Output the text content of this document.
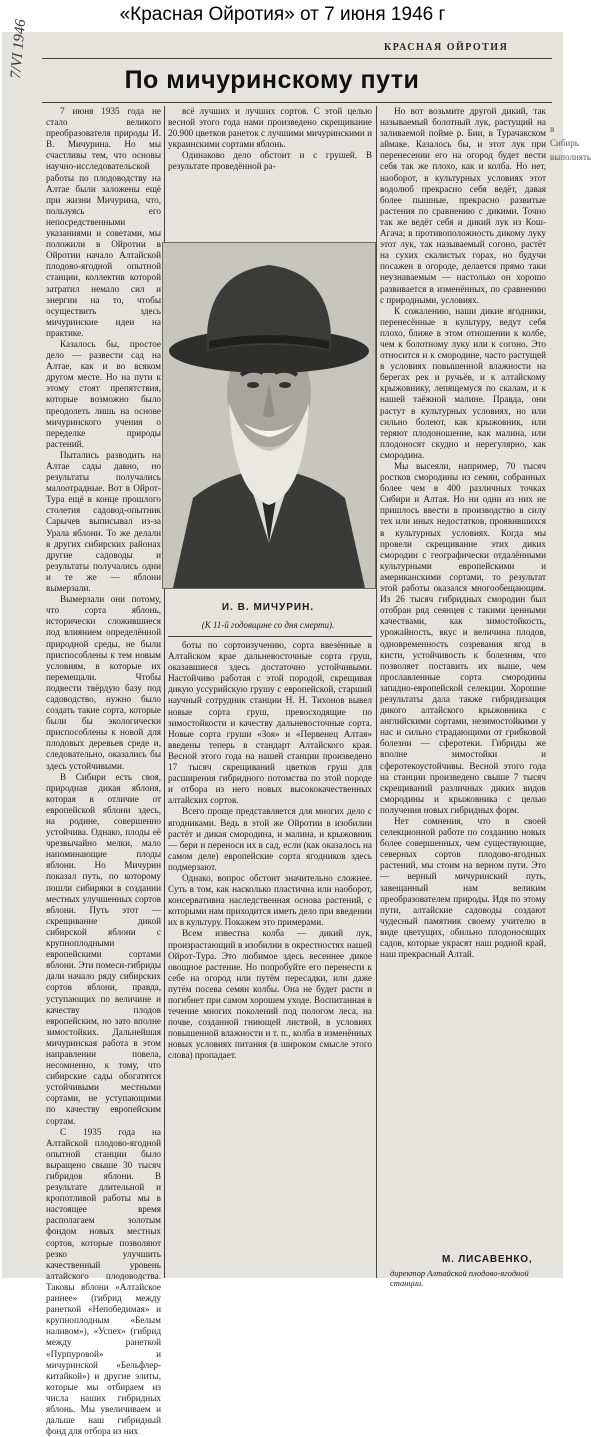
«Красная Ойротия» от 7 июня 1946 г
7/VI 1946	КРАСНАЯ ОЙРОТИЯ
По мичуринскому пути

7 июня 1935 года не стало великого преобразователя природы И. В. Мичурина. Но мы счастливы тем, что основы научно-исследовательской работы по плодоводству на Алтае были заложены ещё при жизни Мичурина, что, пользуясь его непосредственными указаниями и советами, мы положили в Ойротии в Ойротии начало Алтайской плодово-ягодной опытной станции, коллектив которой затратил немало сил и энергии на то, чтобы осуществить здесь мичуринские идеи на практике.

Казалось бы, простое дело — развести сад на Алтае, как и во всяком другом месте. Но на пути к этому стоят препятствия, которые возможно было преодолеть лишь на основе мичуринского учения о переделке природы растений.

Пытались разводить на Алтае сады давно, но результаты получались малоотрадные. Вот в Ойрот-Тура ещё в конце прошлого столетия садовод-опытник Сарычев выписывал из-за Урала яблони. То же делали в других сибирских районах другие садоводы и результаты получались одни и те же — яблони вымерзали.

Вымерзали они потому, что сорта яблонь, исторически сложившиеся под влиянием определённой природной среды, не были приспособлены к тем новым условиям, в которые их перемещали. Чтобы подвести твёрдую базу под садоводство, нужно было создать такие сорта, которые были бы экологически приспособлены к новой для плодовых деревьев среде и, следовательно, оказались бы здесь устойчивыми.

В Сибири есть своя, природная дикая яблоня, которая в отличие от европейской яблони здесь, на родине, совершенно устойчива. Однако, плоды её чрезвычайно мелки, мало напоминающие плоды яблони. Но Мичурин показал путь, по которому пошли сибиряки в создании местных улучшенных сортов яблони. Путь этот — скрещивание дикой сибирской яблони с крупноплодными европейскими сортами яблони. Эти помеси-гибриды дали начало ряду сибирских сортов яблони, правда, уступающих по величине и качеству плодов европейским, но зато вполне зимостойких. Дальнейшая мичуринская работа в этом направлении повела, несомненно, к тому, что сибирские сады обогатятся устойчивыми местными сортами, не уступающими по качеству европейским сортам.

С 1935 года на Алтайской плодово-ягодной опытной станции было выращено свыше 30 тысяч гибридов яблони. В результате длительной и кропотливой работы мы в настоящее время располагаем золотым фондом новых местных сортов, которые позволяют резко улучшить качественный уровень алтайского плодоводства. Таковы яблони «Алтайское раннее» (гибрид между ранеткой «Непобедимая» и крупноплодным «Белым наливом»), «Успех» (гибрид между ранеткой «Пурпуровой» и мичуринской «Бельфлер-китайкой») и другие элиты, которые мы отбираем из числа наших гибридных яблонь. Мы увеличиваем и дальше наш гибридный фонд для отбора из них

всё лучших и лучших сортов. С этой целью весной этого года нами произведено скрещивание 20.900 цветков ранеток с лучшими мичуринскими и украинскими сортами яблонь.

Одинаково дело обстоит и с грушей. В результате проведённой ра-

И. В. МИЧУРИН.
(К 11-й годовщине со дня смерти).

боты по сортоизучению, сорта ввезённые в Алтайском крае дальневосточные сорта груш, оказавшиеся здесь достаточно устойчивыми. Настойчиво работая с этой породой, скрещивая дикую уссурийскую грушу с европейской, старший научный сотрудник станции Н. Н. Тихонов вывел новые сорта груш, превосходящие по зимостойкости и качеству дальневосточные сорта. Новые сорта груши «Зоя» и «Первенец Алтая» введены теперь в стандарт Алтайского края. Весной этого года на нашей станции произведено 17 тысяч скрещиваний цветков груш для расширения гибридного потомства по этой породе и отбора из него новых высококачественных алтайских сортов.

Всего проще представляется для многих дело с ягодниками. Ведь в этой же Ойротии в изобилии растёт и дикая смородина, и малина, и крыжовник — бери и переноси их в сад, если (как оказалось на самом деле) европейские сорта ягодников здесь подмерзают.

Однако, вопрос обстоит значительно сложнее. Суть в том, как насколько пластична или наоборот, консервативна наследственная основа растений, с которыми нам приходится иметь дело при введении их в культуру. Покажем это примерами.

Всем известна колба — дикий лук, произрастающий в изобилии в окрестностях нашей Ойрот-Тура. Это любимое здесь весеннее дикое овощное растение. Но попробуйте его перенести к себе на огород или путём пересадки, или даже путём посева семян колбы. Она не будет расти и погибнет при самом хорошем уходе. Воспитанная в течение многих поколений под пологом леса, на почве, созданной гниющей листвой, в условиях повышенной влажности и т. п., колба в изменённых новых условиях питания (в широком смысле этого слова) пропадает.

Но вот возьмите другой дикий, так называемый болотный лук, растущий на заливаемой пойме р. Бии, в Турачакском аймаке. Казалось бы, и этот лук при перенесении его на огород будет вести себя так же плохо, как и колба. Но нет, наоборот, в культурных условиях этот водолюб прекрасно себя ведёт, давая более пышные, прекрасно развитые растения по сравнению с дикими. Точно так же ведёт себя и дикий лук из Кош-Агача; в противоположность дикому луку этот лук, так называемый согоно, растёт на сухих скалистых горах, но будучи посажен в огороде, делается прямо таки неузнаваемым — настолько он хорошо развивается в изменённых, по сравнению с природными, условиях.

К сожалению, наши дикие ягодники, перенесённые в культуру, ведут себя плохо, ближе в этом отношении к колбе, чем к болотному луку или к согоно. Это относится и к смородине, часто растущей в условиях повышенной влажности на берегах рек и ручьёв, и к алтайскому крыжовнику, лепящемуся по скалам, и к нашей таёжной малине. Правда, они растут в культурных условиях, но или сильно болеют, как крыжовник, или теряют плодоношение, как малина, или плодоносят скудно и нерегулярно, как смородина.

Мы высеяли, например, 70 тысяч ростков смородины из семян, собранных более чем в 400 различных точках Сибири и Алтая. Но ни одни из них не пришлось ввести в производство в силу тех или иных недостатков, проявившихся в культурных условиях. Когда мы провели скрещивание этих диких смородин с географически отдалёнными культурными европейскими и американскими сортами, то результат этой работы оказался многообещающим. Из 26 тысяч гибридных смородин был отобран ряд сеянцев с такими ценными качествами, как зимостойкость, урожайность, вкус и величина плодов, одновременность созревания ягод в кисти, устойчивость к болезням, что позволяет поставить их выше, чем прославленные сорта смородины западно-европейской селекции. Хорошие результаты дала также гибридизация дикого алтайского крыжовника с английскими сортами, незимостойкими у нас и сильно страдающими от грибковой болезни — сферотеки. Гибриды же вполне зимостойки и сферотекоустойчивы. Весной этого года на станции произведено свыше 7 тысяч скрещиваний различных диких видов смородины и крыжовника с целью получения новых гибридных форм.

Нет сомнения, что в своей селекционной работе по созданию новых более совершенных, чем существующие, северных сортов плодово-ягодных растений, мы стоим на верном пути. Это — верный мичуринский путь, завещанный нам великим преобразователем природы. Идя по этому пути, алтайские садоводы создают чудесный памятник своему учителю в виде цветущих, обильно плодоносящих садов, которые украсят наш родной край, наш прекрасный Алтай.

М. ЛИСАВЕНКО,
директор Алтайской плодово-ягодной станции.
в Сибирь выполнять
